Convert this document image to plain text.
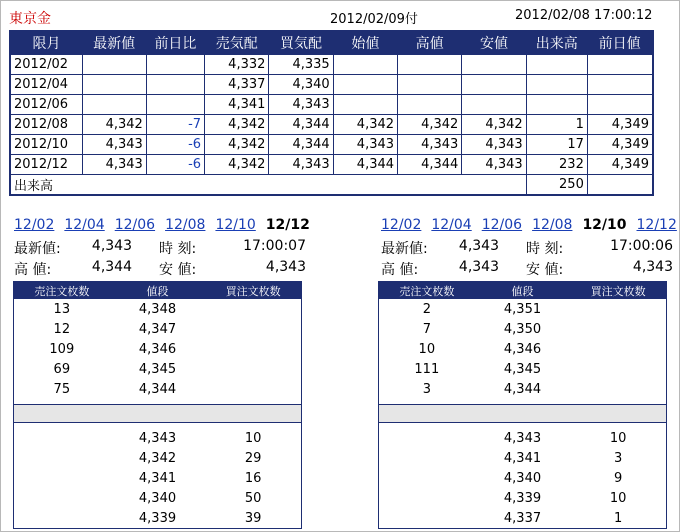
東京金	2012/02/09付	2012/02/08 17:00:12
限月	最新値	前日比	売気配	買気配	始値	高値	安値	出来高	前日値
2012/02			4,332	4,335					
2012/04			4,337	4,340					
2012/06			4,341	4,343					
2012/08	4,342	-7	4,342	4,344	4,342	4,342	4,342	1	4,349
2012/10	4,343	-6	4,342	4,344	4,343	4,343	4,343	17	4,349
2012/12	4,343	-6	4,342	4,343	4,344	4,344	4,343	232	4,349
出来高								250	
12/02 12/04 12/06 12/08 12/10 12/12	12/02 12/04 12/06 12/08 12/10 12/12
最新値: 4,343 時 刻:	17:00:07
高 値:	4,344 安 値:	4,343
最新値: 4,343 時 刻:	17:00:06
高 値:	4,343 安 値:	4,343
売注文枚数	値段	買注文枚数
13	4,348	
12	4,347	
109	4,346	
69	4,345	
75	4,344	

	4,343	10
	4,342	29
	4,341	16
	4,340	50
	4,339	39
売注文枚数	値段	買注文枚数
2	4,351	
7	4,350	
10	4,346	
111	4,345	
3	4,344	

	4,343	10
	4,341	3
	4,340	9
	4,339	10
	4,337	1
